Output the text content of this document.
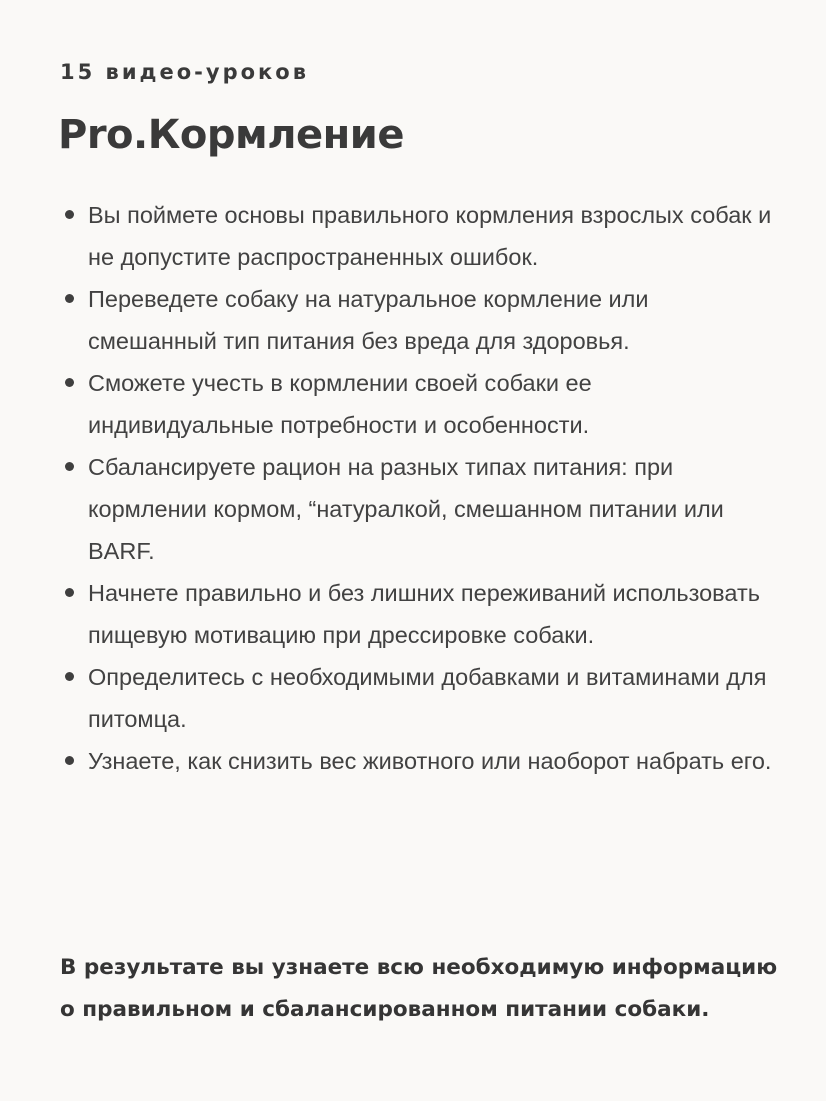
15 видео-уроков
Pro.Кормление
Вы поймете основы правильного кормления взрослых собак и не допустите распространенных ошибок.
Переведете собаку на натуральное кормление или смешанный тип питания без вреда для здоровья.
Сможете учесть в кормлении своей собаки ее индивидуальные потребности и особенности.
Сбалансируете рацион на разных типах питания: при кормлении кормом, “натуралкой, смешанном питании или BARF.
Начнете правильно и без лишних переживаний использовать пищевую мотивацию при дрессировке собаки.
Определитесь с необходимыми добавками и витаминами для питомца.
Узнаете, как снизить вес животного или наоборот набрать его.

В результате вы узнаете всю необходимую информацию о правильном и сбалансированном питании собаки.
